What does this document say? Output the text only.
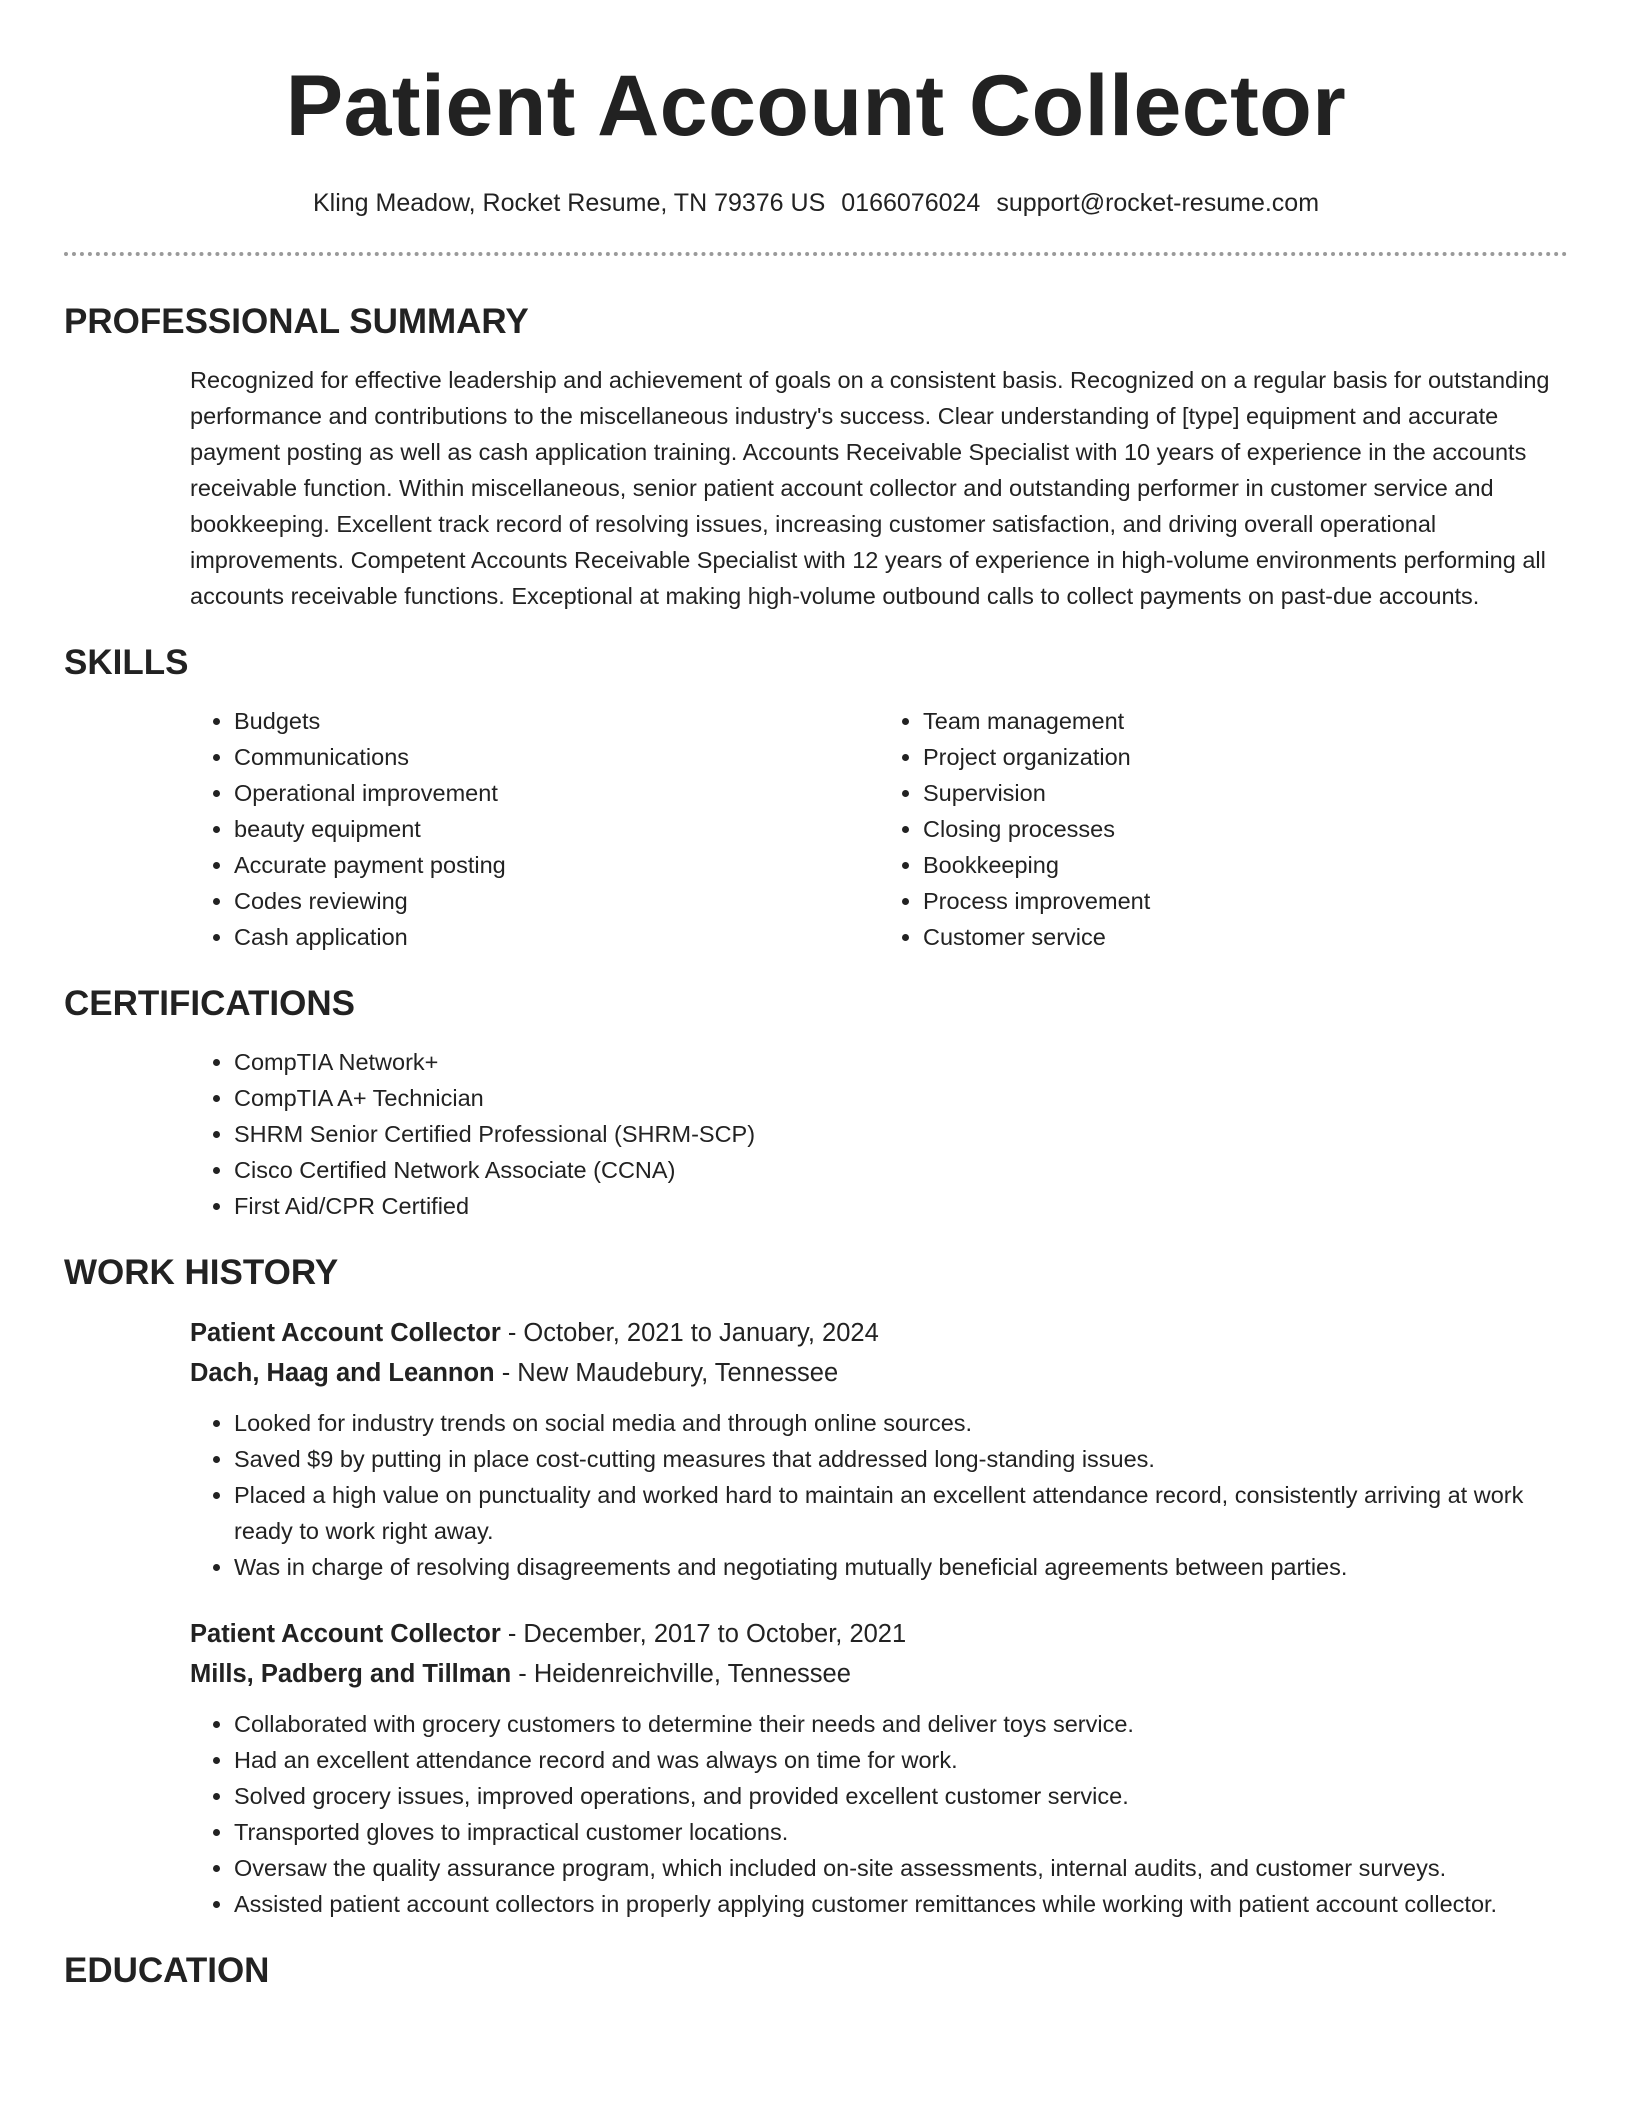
Patient Account Collector
Kling Meadow, Rocket Resume, TN 79376 US 0166076024 support@rocket-resume.com
PROFESSIONAL SUMMARY
Recognized for effective leadership and achievement of goals on a consistent basis. Recognized on a regular basis for outstanding performance and contributions to the miscellaneous industry's success. Clear understanding of [type] equipment and accurate payment posting as well as cash application training. Accounts Receivable Specialist with 10 years of experience in the accounts receivable function. Within miscellaneous, senior patient account collector and outstanding performer in customer service and bookkeeping. Excellent track record of resolving issues, increasing customer satisfaction, and driving overall operational improvements. Competent Accounts Receivable Specialist with 12 years of experience in high-volume environments performing all accounts receivable functions. Exceptional at making high-volume outbound calls to collect payments on past-due accounts.
SKILLS
• Budgets
• Communications
• Operational improvement
• beauty equipment
• Accurate payment posting
• Codes reviewing
• Cash application
• Team management
• Project organization
• Supervision
• Closing processes
• Bookkeeping
• Process improvement
• Customer service
CERTIFICATIONS
• CompTIA Network+
• CompTIA A+ Technician
• SHRM Senior Certified Professional (SHRM-SCP)
• Cisco Certified Network Associate (CCNA)
• First Aid/CPR Certified
WORK HISTORY
Patient Account Collector - October, 2021 to January, 2024
Dach, Haag and Leannon - New Maudebury, Tennessee
• Looked for industry trends on social media and through online sources.
• Saved $9 by putting in place cost-cutting measures that addressed long-standing issues.
• Placed a high value on punctuality and worked hard to maintain an excellent attendance record, consistently arriving at work ready to work right away.
• Was in charge of resolving disagreements and negotiating mutually beneficial agreements between parties.
Patient Account Collector - December, 2017 to October, 2021
Mills, Padberg and Tillman - Heidenreichville, Tennessee
• Collaborated with grocery customers to determine their needs and deliver toys service.
• Had an excellent attendance record and was always on time for work.
• Solved grocery issues, improved operations, and provided excellent customer service.
• Transported gloves to impractical customer locations.
• Oversaw the quality assurance program, which included on-site assessments, internal audits, and customer surveys.
• Assisted patient account collectors in properly applying customer remittances while working with patient account collector.
EDUCATION
